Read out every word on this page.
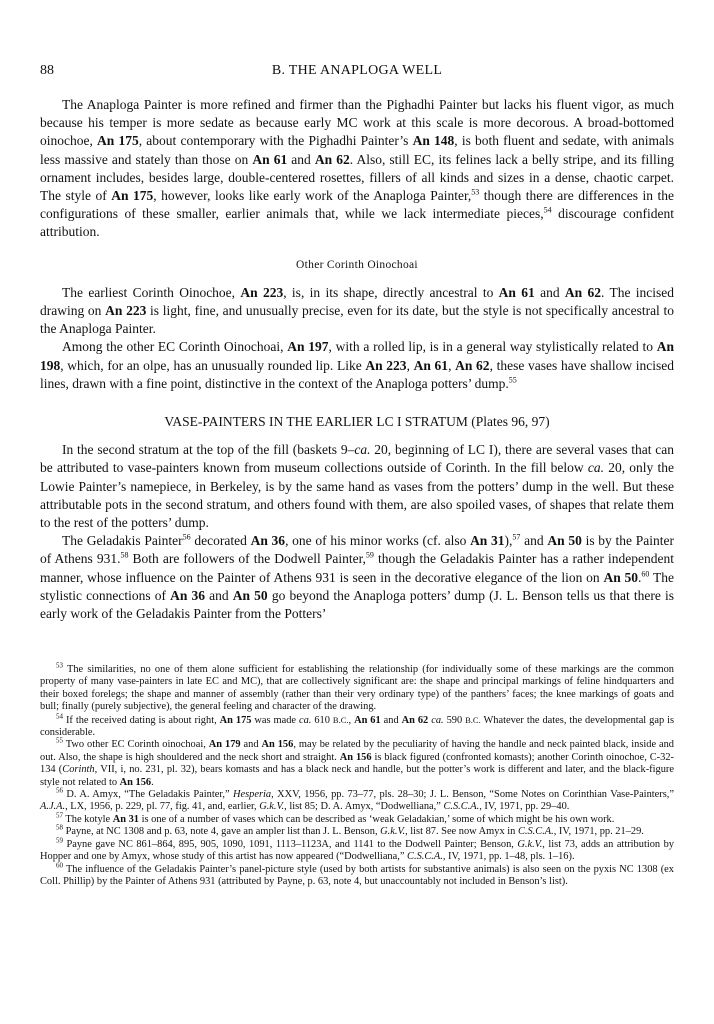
88	B. THE ANAPLOGA WELL

The Anaploga Painter is more refined and firmer than the Pighadhi Painter but lacks his fluent vigor, as much because his temper is more sedate as because early MC work at this scale is more decorous. A broad-bottomed oinochoe, An 175, about contemporary with the Pighadhi Painter’s An 148, is both fluent and sedate, with animals less massive and stately than those on An 61 and An 62. Also, still EC, its felines lack a belly stripe, and its filling ornament includes, besides large, double-centered rosettes, fillers of all kinds and sizes in a dense, chaotic carpet. The style of An 175, however, looks like early work of the Anaploga Painter,$^{53}$ though there are differences in the configurations of these smaller, earlier animals that, while we lack intermediate pieces,$^{54}$ discourage confident attribution.

Other Corinth Oinochoai

The earliest Corinth Oinochoe, An 223, is, in its shape, directly ancestral to An 61 and An 62. The incised drawing on An 223 is light, fine, and unusually precise, even for its date, but the style is not specifically ancestral to the Anaploga Painter.

Among the other EC Corinth Oinochoai, An 197, with a rolled lip, is in a general way stylistically related to An 198, which, for an olpe, has an unusually rounded lip. Like An 223, An 61, An 62, these vases have shallow incised lines, drawn with a fine point, distinctive in the context of the Anaploga potters’ dump.$^{55}$

VASE-PAINTERS IN THE EARLIER LC I STRATUM (Plates 96, 97)

In the second stratum at the top of the fill (baskets 9–ca. 20, beginning of LC I), there are several vases that can be attributed to vase-painters known from museum collections outside of Corinth. In the fill below ca. 20, only the Lowie Painter’s namepiece, in Berkeley, is by the same hand as vases from the potters’ dump in the well. But these attributable pots in the second stratum, and others found with them, are also spoiled vases, of shapes that relate them to the rest of the potters’ dump.

The Geladakis Painter$^{56}$ decorated An 36, one of his minor works (cf. also An 31),$^{57}$ and An 50 is by the Painter of Athens 931.58 Both are followers of the Dodwell Painter,$^{59}$ though the Geladakis Painter has a rather independent manner, whose influence on the Painter of Athens 931 is seen in the decorative elegance of the lion on An 50.60 The stylistic connections of An 36 and An 50 go beyond the Anaploga potters’ dump (J. L. Benson tells us that there is early work of the Geladakis Painter from the Potters’

$^{53}$ The similarities, no one of them alone sufficient for establishing the relationship (for individually some of these markings are the common property of many vase-painters in late EC and MC), that are collectively significant are: the shape and principal markings of feline hindquarters and their boxed forelegs; the shape and manner of assembly (rather than their very ordinary type) of the panthers’ faces; the knee markings of goats and bull; finally (purely subjective), the general feeling and character of the drawing.

$^{54}$ If the received dating is about right, An 175 was made ca. 610 B.C., An 61 and An 62 ca. 590 B.C. Whatever the dates, the developmental gap is considerable.

$^{55}$ Two other EC Corinth oinochoai, An 179 and An 156, may be related by the peculiarity of having the handle and neck painted black, inside and out. Also, the shape is high shouldered and the neck short and straight. An 156 is black figured (confronted komasts); another Corinth oinochoe, C-32-134 (Corinth, VII, i, no. 231, pl. 32), bears komasts and has a black neck and handle, but the potter’s work is different and later, and the black-figure style not related to An 156.

$^{56}$ D. A. Amyx, “The Geladakis Painter,” Hesperia, XXV, 1956, pp. 73–77, pls. 28–30; J. L. Benson, “Some Notes on Corinthian Vase-Painters,” A.J.A., LX, 1956, p. 229, pl. 77, fig. 41, and, earlier, G.k.V., list 85; D. A. Amyx, “Dodwelliana,” C.S.C.A., IV, 1971, pp. 29–40.

$^{57}$ The kotyle An 31 is one of a number of vases which can be described as ‘weak Geladakian,’ some of which might be his own work.

$^{58}$ Payne, at NC 1308 and p. 63, note 4, gave an ampler list than J. L. Benson, G.k.V., list 87. See now Amyx in C.S.C.A., IV, 1971, pp. 21–29.

$^{59}$ Payne gave NC 861–864, 895, 905, 1090, 1091, 1113–1123A, and 1141 to the Dodwell Painter; Benson, G.k.V., list 73, adds an attribution by Hopper and one by Amyx, whose study of this artist has now appeared (“Dodwelliana,” C.S.C.A., IV, 1971, pp. 1–48, pls. 1–16).

$^{60}$ The influence of the Geladakis Painter’s panel-picture style (used by both artists for substantive animals) is also seen on the pyxis NC 1308 (ex Coll. Phillip) by the Painter of Athens 931 (attributed by Payne, p. 63, note 4, but unaccountably not included in Benson’s list).
